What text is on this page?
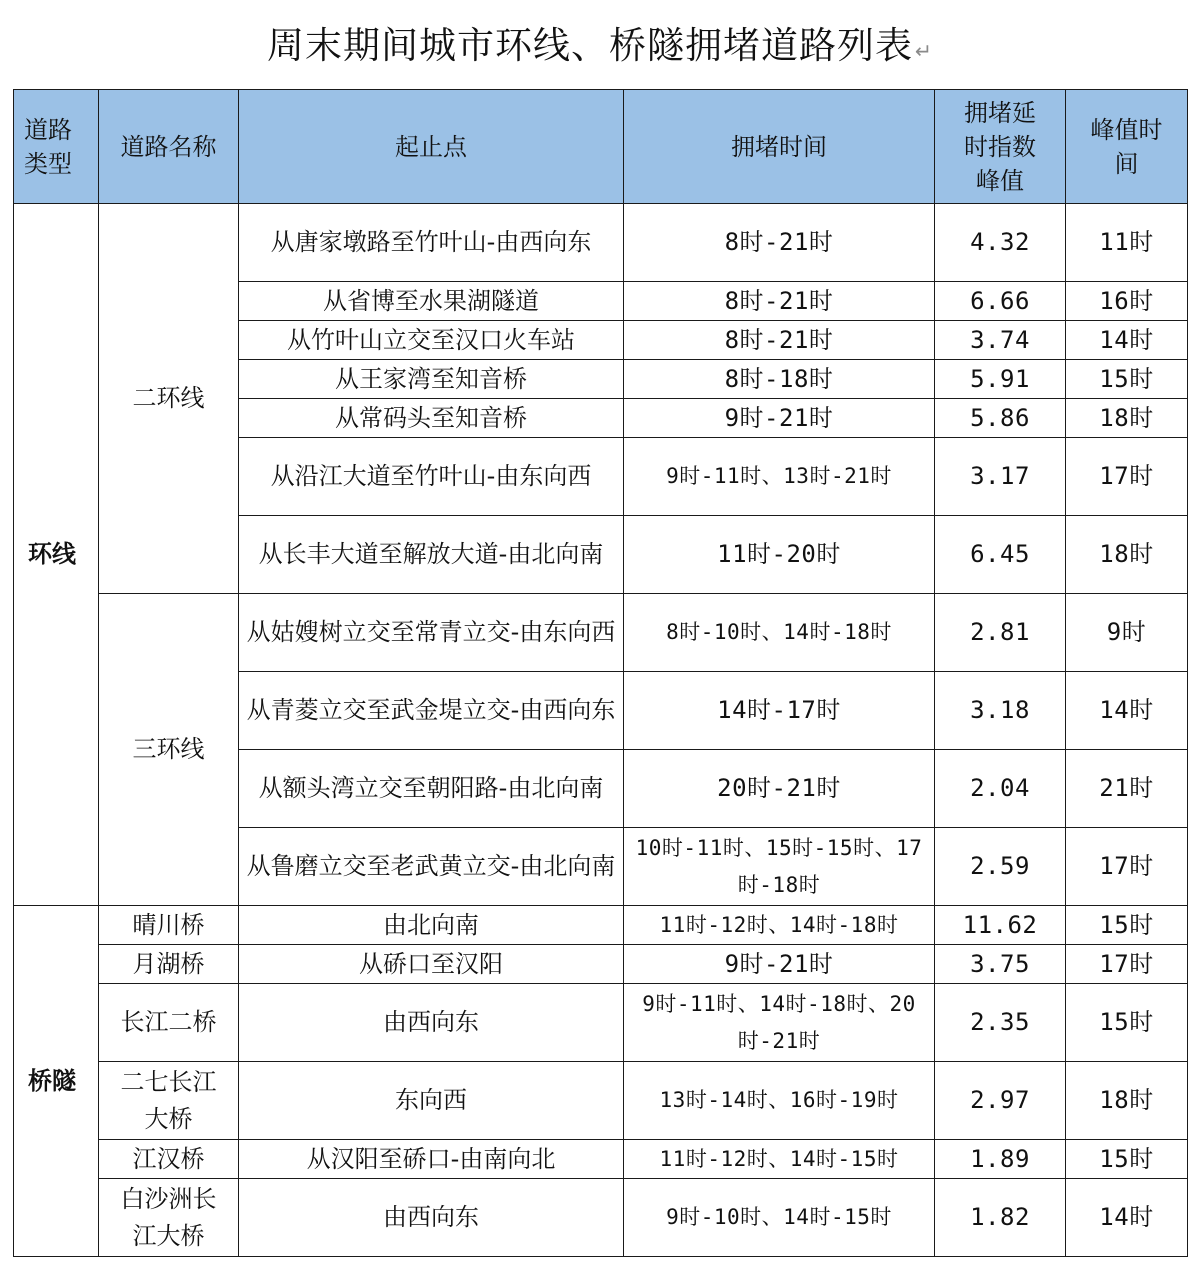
周末期间城市环线、桥隧拥堵道路列表↵
道路类型	道路名称	起止点	拥堵时间	拥堵延时指数峰值	峰值时间
环线	二环线	从唐家墩路至竹叶山-由西向东	8时-21时	4.32	11时
		从省博至水果湖隧道	8时-21时	6.66	16时
		从竹叶山立交至汉口火车站	8时-21时	3.74	14时
		从王家湾至知音桥	8时-18时	5.91	15时
		从常码头至知音桥	9时-21时	5.86	18时
		从沿江大道至竹叶山-由东向西	9时-11时、13时-21时	3.17	17时
		从长丰大道至解放大道-由北向南	11时-20时	6.45	18时
	三环线	从姑嫂树立交至常青立交-由东向西	8时-10时、14时-18时	2.81	9时
		从青菱立交至武金堤立交-由西向东	14时-17时	3.18	14时
		从额头湾立交至朝阳路-由北向南	20时-21时	2.04	21时
		从鲁磨立交至老武黄立交-由北向南	10时-11时、15时-15时、17时-18时	2.59	17时
桥隧	晴川桥	由北向南	11时-12时、14时-18时	11.62	15时
	月湖桥	从硚口至汉阳	9时-21时	3.75	17时
	长江二桥	由西向东	9时-11时、14时-18时、20时-21时	2.35	15时
	二七长江大桥	东向西	13时-14时、16时-19时	2.97	18时
	江汉桥	从汉阳至硚口-由南向北	11时-12时、14时-15时	1.89	15时
	白沙洲长江大桥	由西向东	9时-10时、14时-15时	1.82	14时
